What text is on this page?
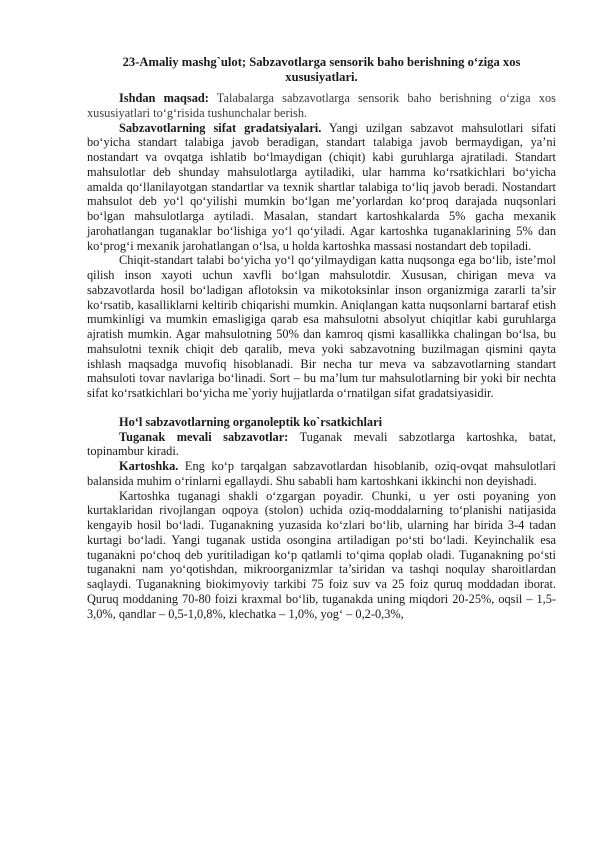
23-Amaliy mashg`ulot; Sabzavotlarga sensorik baho berishning o‘ziga xos xususiyatlari.

Ishdan maqsad: Talabalarga sabzavotlarga sensorik baho berishning o‘ziga xos xususiyatlari to‘g‘risida tushunchalar berish.

Sabzavotlarning sifat gradatsiyalari. Yangi uzilgan sabzavot mahsulotlari sifati bo‘yicha standart talabiga javob beradigan, standart talabiga javob bermaydigan, ya’ni nostandart va ovqatga ishlatib bo‘lmaydigan (chiqit) kabi guruhlarga ajratiladi. Standart mahsulotlar deb shunday mahsulotlarga aytiladiki, ular hamma ko‘rsatkichlari bo‘yicha amalda qo‘llanilayotgan standartlar va texnik shartlar talabiga to‘liq javob beradi. Nostandart mahsulot deb yo‘l qo‘yilishi mumkin bo‘lgan me’yorlardan ko‘proq darajada nuqsonlari bo‘lgan mahsulotlarga aytiladi. Masalan, standart kartoshkalarda 5% gacha mexanik jarohatlangan tuganaklar bo‘lishiga yo‘l qo‘yiladi. Agar kartoshka tuganaklarining 5% dan ko‘prog‘i mexanik jarohatlangan o‘lsa, u holda kartoshka massasi nostandart deb topiladi.

Chiqit-standart talabi bo‘yicha yo‘l qo‘yilmaydigan katta nuqsonga ega bo‘lib, iste’mol qilish inson xayoti uchun xavfli bo‘lgan mahsulotdir. Xususan, chirigan meva va sabzavotlarda hosil bo‘ladigan aflotoksin va mikotoksinlar inson organizmiga zararli ta’sir ko‘rsatib, kasalliklarni keltirib chiqarishi mumkin. Aniqlangan katta nuqsonlarni bartaraf etish mumkinligi va mumkin emasligiga qarab esa mahsulotni absolyut chiqitlar kabi guruhlarga ajratish mumkin. Agar mahsulotning 50% dan kamroq qismi kasallikka chalingan bo‘lsa, bu mahsulotni texnik chiqit deb qaralib, meva yoki sabzavotning buzilmagan qismini qayta ishlash maqsadga muvofiq hisoblanadi. Bir necha tur meva va sabzavotlarning standart mahsuloti tovar navlariga bo‘linadi. Sort – bu ma’lum tur mahsulotlarning bir yoki bir nechta sifat ko‘rsatkichlari bo‘yicha me`yoriy hujjatlarda o‘rnatilgan sifat gradatsiyasidir.

Ho‘l sabzavotlarning organoleptik ko`rsatkichlari

Tuganak mevali sabzavotlar: Tuganak mevali sabzotlarga kartoshka, batat, topinambur kiradi.

Kartoshka. Eng ko‘p tarqalgan sabzavotlardan hisoblanib, oziq-ovqat mahsulotlari balansida muhim o‘rinlarni egallaydi. Shu sababli ham kartoshkani ikkinchi non deyishadi.

Kartoshka tuganagi shakli o‘zgargan poyadir. Chunki, u yer osti poyaning yon kurtaklaridan rivojlangan oqpoya (stolon) uchida oziq-moddalarning to‘planishi natijasida kengayib hosil bo‘ladi. Tuganakning yuzasida ko‘zlari bo‘lib, ularning har birida 3-4 tadan kurtagi bo‘ladi. Yangi tuganak ustida osongina artiladigan po‘sti bo‘ladi. Keyinchalik esa tuganakni po‘choq deb yuritiladigan ko‘p qatlamli to‘qima qoplab oladi. Tuganakning po‘sti tuganakni nam yo‘qotishdan, mikroorganizmlar ta’siridan va tashqi noqulay sharoitlardan saqlaydi. Tuganakning biokimyoviy tarkibi 75 foiz suv va 25 foiz quruq moddadan iborat. Quruq moddaning 70-80 foizi kraxmal bo‘lib, tuganakda uning miqdori 20-25%, oqsil – 1,5-3,0%, qandlar – 0,5-1,0,8%, klechatka – 1,0%, yog‘ – 0,2-0,3%,
